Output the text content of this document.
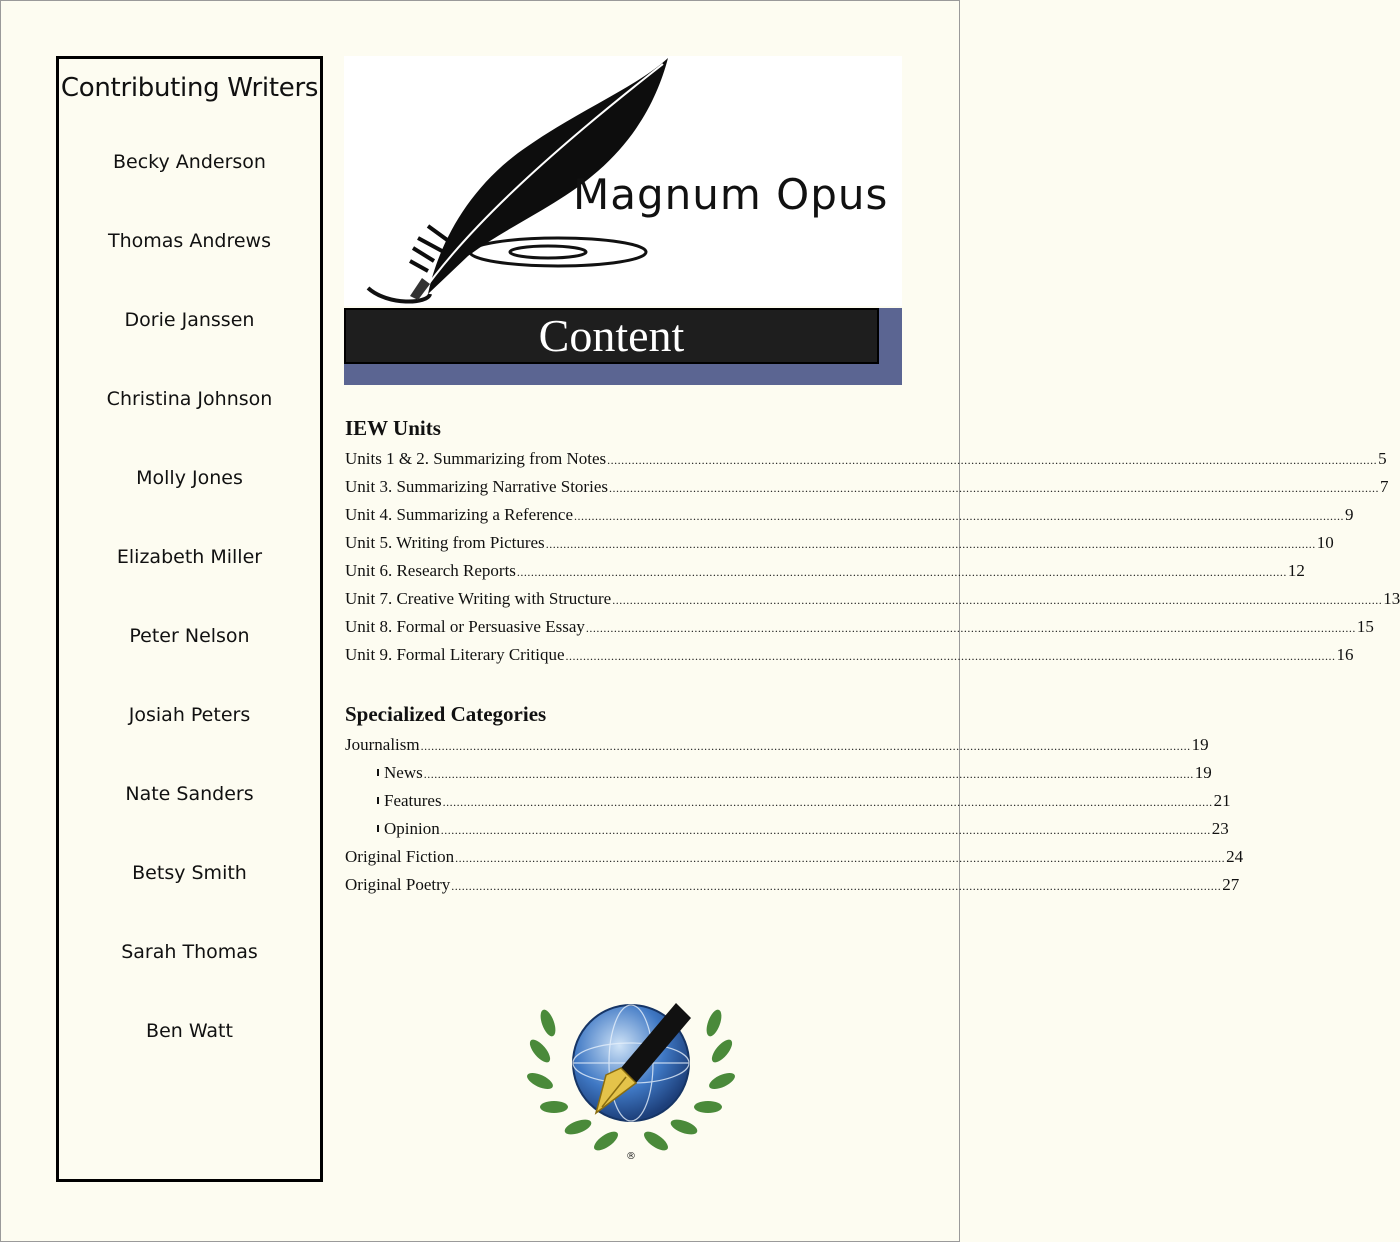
Contributing Writers
Becky Anderson
Thomas Andrews
Dorie Janssen
Christina Johnson
Molly Jones
Elizabeth Miller
Peter Nelson
Josiah Peters
Nate Sanders
Betsy Smith
Sarah Thomas
Ben Watt
Magnum Opus
Content
IEW Units
Units 1 & 2. Summarizing from Notes ............................................................................................................................................................................................................................ 5
Unit 3. Summarizing Narrative Stories ............................................................................................................................................................................................................................ 7
Unit 4. Summarizing a Reference ............................................................................................................................................................................................................................ 9
Unit 5. Writing from Pictures ............................................................................................................................................................................................................................ 10
Unit 6. Research Reports ............................................................................................................................................................................................................................ 12
Unit 7. Creative Writing with Structure ............................................................................................................................................................................................................................ 13
Unit 8. Formal or Persuasive Essay ............................................................................................................................................................................................................................ 15
Unit 9. Formal Literary Critique ............................................................................................................................................................................................................................ 16
Specialized Categories
Journalism ............................................................................................................................................................................................................................ 19
News ............................................................................................................................................................................................................................ 19
Features ............................................................................................................................................................................................................................ 21
Opinion ............................................................................................................................................................................................................................ 23
Original Fiction ............................................................................................................................................................................................................................ 24
Original Poetry ............................................................................................................................................................................................................................ 27
®
